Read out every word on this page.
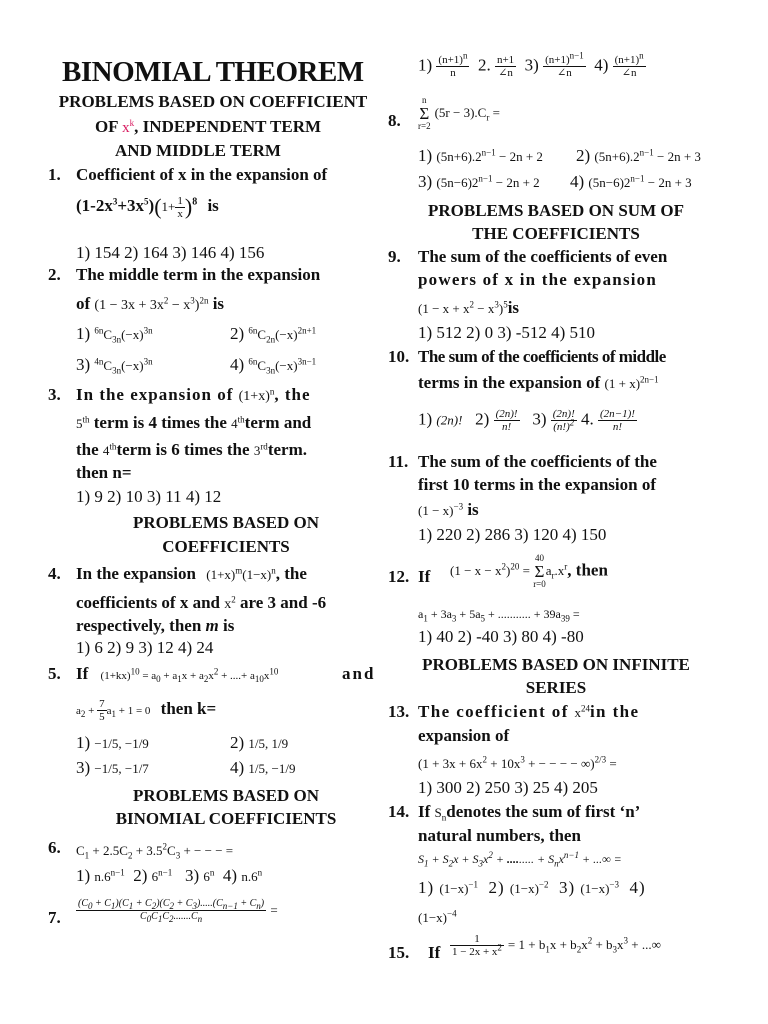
BINOMIAL THEOREM
PROBLEMS BASED ON COEFFICIENT
OF $x^k$, INDEPENDENT TERM
AND MIDDLE TERM
1. Coefficient of x in the expansion of
$(1-2x^3+3x^5)(1+ \frac{1}{x} )^8$ is
1) 154 2) 164 3) 146 4) 156
2. The middle term in the expansion
of $(1 - 3x + 3x^2 - x^3)^{2n}$ is
1) $^{6n}C_{3n}(-x)^{3n}$	2) $^{6n}C_{2n}(-x)^{2n+1}$
3) $^{4n}C_{3n}(-x)^{3n}$	4) $^{6n}C_{3n}(-x)^{3n-1}$
3. In the expansion of $(1+x)^n$, the
5th term is 4 times the 4thterm and
the 4thterm is 6 times the 3rdterm.
then n=
1) 9 2) 10 3) 11 4) 12
PROBLEMS BASED ON
COEFFICIENTS
4. In the expansion $(1+x)^m(1-x)^n$, the
coefficients of x and $x^2$ are 3 and -6
respectively, then m is
1) 6 2) 9 3) 12 4) 24
5. If $(1+kx)^{10} = a_0 + a_1x + a_2x^2$ + ....+ $a_{10}x^{10}$	and
$a_2 + \frac{7}{5} a_1 + 1 = 0$ then k=
1) −1/5, −1/9	2) 1/5, 1/9
3) −1/5, −1/7	4) 1/5, −1/9
PROBLEMS BASED ON
BINOMIAL COEFFICIENTS
6. $C_1 + 2.5C_2 + 3.5^2C_3$ + − − − =
1) $n.6^{n-1}$  2) $6^{n-1}$   3) 6$^n$  4) n.6$^n$
7. $\frac{(C_0 + C_1)(C_1 + C_2)(C_2 + C_3).....(C_{n-1} + C_n)}{C_0C_1C_2.......C_n}$ =
$1) \frac{(n+1)^n}{n} 2$. $\frac{n+1}{\angle n} 3) \frac{(n+1)^{n-1}}{\angle n} 4) \frac{(n+1)^n}{\angle n}$
8.
n
Σ
r=2 $(5r - 3).C_r$ =
1) $(5n+6).2^{n-1} - 2n + 2$ 2) $(5n+6).2^{n-1} - 2n + 3$
3) $(5n-6)2^{n-1} - 2n + 2$ 4) $(5n-6)2^{n-1} - 2n + 3$
PROBLEMS BASED ON SUM OF
THE COEFFICIENTS
9. The sum of the coefficients of even
powers of x in the expansion
$(1 - x + x^2 - x^3)^5is$
1) 512 2) 0 3) -512 4) 510
10. The sum of the coefficients of middle
terms in the expansion of $(1 + x)^{2n-1}$
1) (2n)!   $2) \frac{(2n)!}{n!} 3) \frac{(2n)!}{(n!)^2} 4$. $\frac{(2n-1)!}{n!}$
11. The sum of the coefficients of the
first 10 terms in the expansion of
$(1 - x)^{-3}$ is
1) 220 2) 286 3) 120 4) 150
12. If $(1 - x - x^2)^{20} = 40$
Σ
$r=0a_r.x^r$, then
$a_1 + 3a_3 + 5a_5$ + ........... + $39a_{39}$ =
1) 40 2) -40 3) 80 4) -80
PROBLEMS BASED ON INFINITE
SERIES
13. The coefficient of $x^{24}in$ the
expansion of
($1 + 3x + 6x^2 + 10x^3$ + − − − − ∞)$^{2/3}$ =
1) 300 2) 250 3) 25 4) 205
14. If $S_ndenotes$ the sum of first ‘n’
natural numbers, then
$S_1 + S_2x + S_3x^2$ + ......... + $S_nx^{n-1}$ + ...∞ =
1) $(1-x)^{-1}$  2) $(1-x)^{-2}$  3) $(1-x)^{-3}$  4)
$(1-x)^{-4}$
15. If $\frac{1}{1 - 2x + x^2} = 1 + b_1x + b_2x^2 + b_3x^3$ + ...∞
